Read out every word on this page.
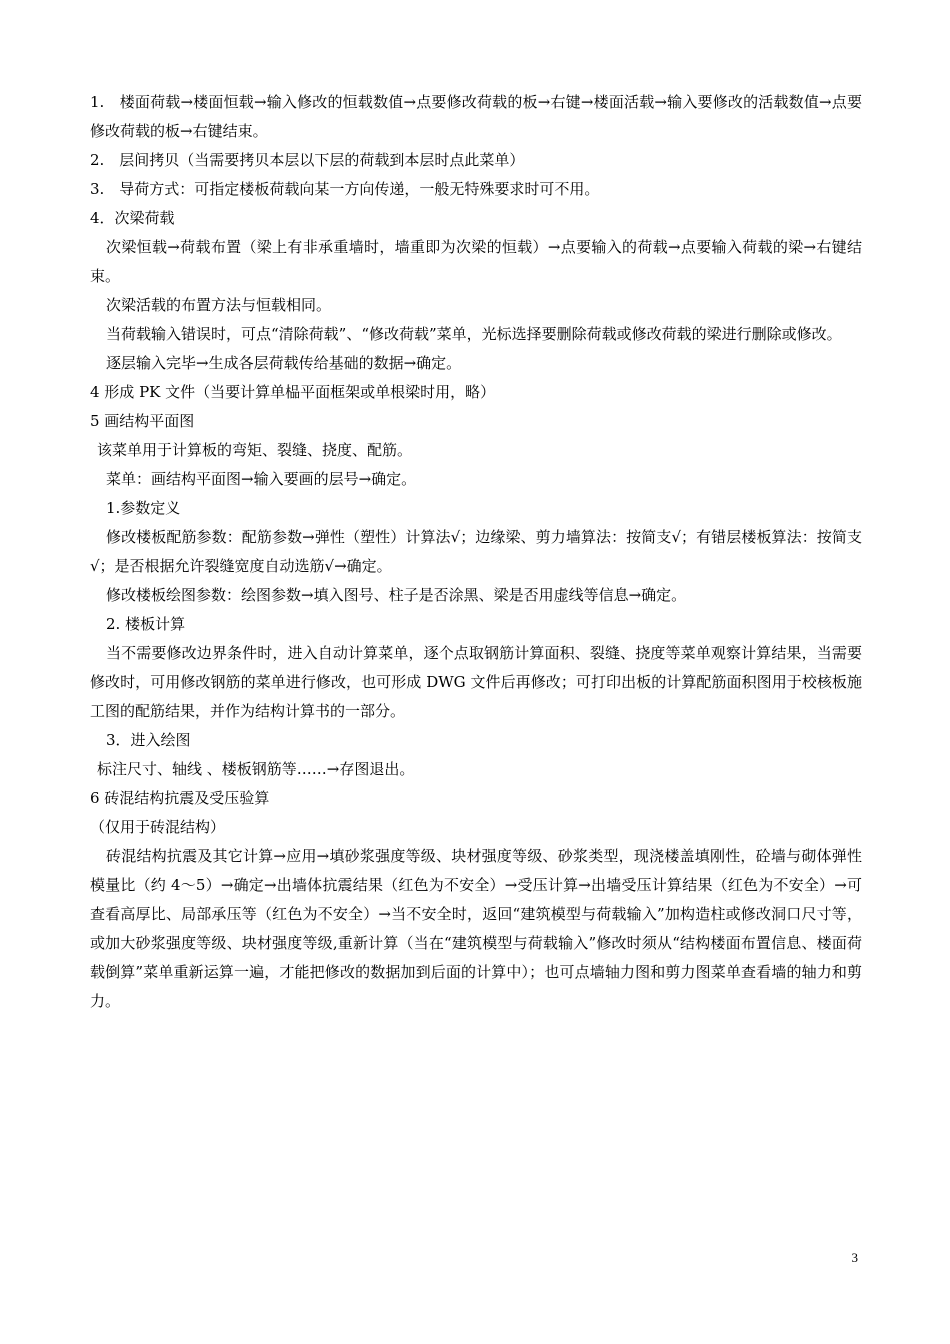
1.　楼面荷载→楼面恒载→输入修改的恒载数值→点要修改荷载的板→右键→楼面活载→输入要修改的活载数值→点要修改荷载的板→右键结束。

2.　层间拷贝（当需要拷贝本层以下层的荷载到本层时点此菜单）

3.　导荷方式：可指定楼板荷载向某一方向传递，一般无特殊要求时可不用。

4．次梁荷载

次梁恒载→荷载布置（梁上有非承重墙时，墙重即为次梁的恒载）→点要输入的荷载→点要输入荷载的梁→右键结束。

次梁活载的布置方法与恒载相同。

当荷载输入错误时，可点“清除荷载”、“修改荷载”菜单，光标选择要删除荷载或修改荷载的梁进行删除或修改。

逐层输入完毕→生成各层荷载传给基础的数据→确定。

4 形成 PK 文件（当要计算单榀平面框架或单根梁时用，略）

5 画结构平面图

该菜单用于计算板的弯矩、裂缝、挠度、配筋。

菜单：画结构平面图→输入要画的层号→确定。

1.参数定义

修改楼板配筋参数：配筋参数→弹性（塑性）计算法√；边缘梁、剪力墙算法：按简支√；有错层楼板算法：按简支√；是否根据允许裂缝宽度自动选筋√→确定。

修改楼板绘图参数：绘图参数→填入图号、柱子是否涂黑、梁是否用虚线等信息→确定。

2. 楼板计算

当不需要修改边界条件时，进入自动计算菜单，逐个点取钢筋计算面积、裂缝、挠度等菜单观察计算结果，当需要修改时，可用修改钢筋的菜单进行修改，也可形成 DWG 文件后再修改；可打印出板的计算配筋面积图用于校核板施工图的配筋结果，并作为结构计算书的一部分。

3．进入绘图

标注尺寸、轴线 、楼板钢筋等……→存图退出。

6 砖混结构抗震及受压验算

（仅用于砖混结构）

砖混结构抗震及其它计算→应用→填砂浆强度等级、块材强度等级、砂浆类型，现浇楼盖填刚性，砼墙与砌体弹性模量比（约 4～5）→确定→出墙体抗震结果（红色为不安全）→受压计算→出墙受压计算结果（红色为不安全）→可查看高厚比、局部承压等（红色为不安全）→当不安全时，返回“建筑模型与荷载输入”加构造柱或修改洞口尺寸等，或加大砂浆强度等级、块材强度等级,重新计算（当在“建筑模型与荷载输入”修改时须从“结构楼面布置信息、楼面荷载倒算”菜单重新运算一遍，才能把修改的数据加到后面的计算中）；也可点墙轴力图和剪力图菜单查看墙的轴力和剪力。

3
